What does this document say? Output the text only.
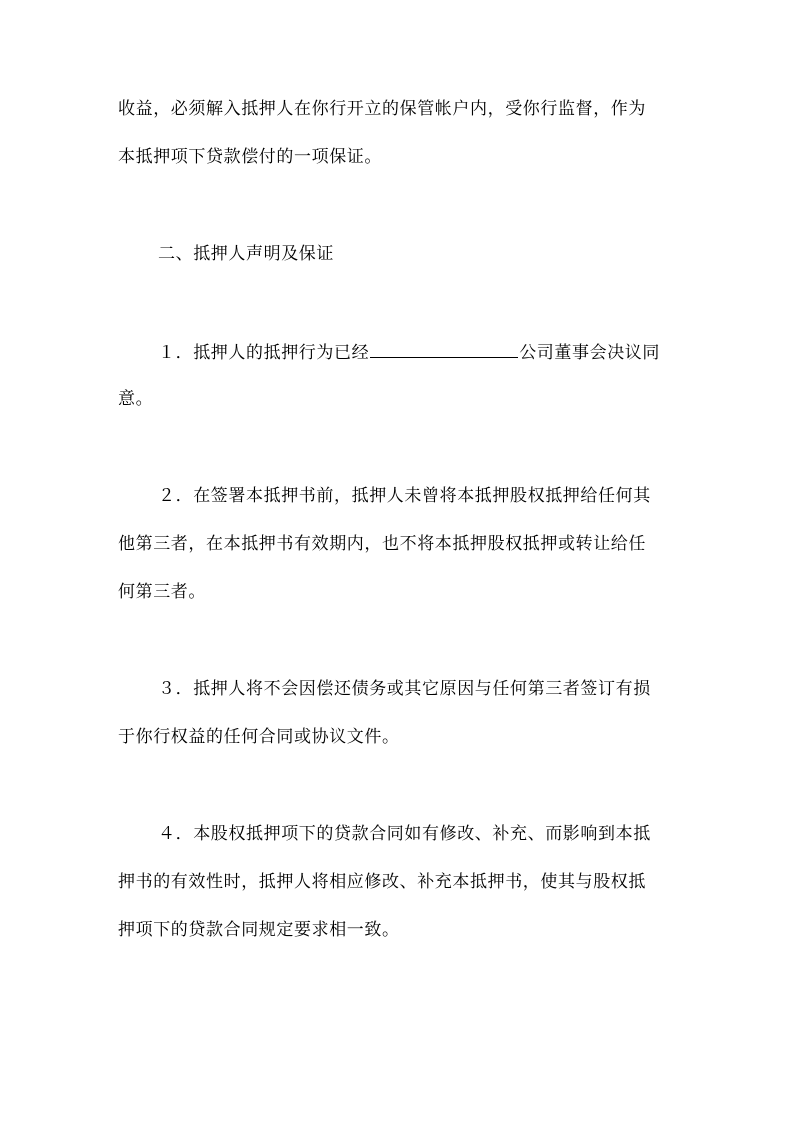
收益，必须解入抵押人在你行开立的保管帐户内，受你行监督，作为
本抵押项下贷款偿付的一项保证。
二、抵押人声明及保证
１．抵押人的抵押行为已经	公司董事会决议同
意。
２．在签署本抵押书前，抵押人未曾将本抵押股权抵押给任何其
他第三者，在本抵押书有效期内，也不将本抵押股权抵押或转让给任
何第三者。
３．抵押人将不会因偿还债务或其它原因与任何第三者签订有损
于你行权益的任何合同或协议文件。
４．本股权抵押项下的贷款合同如有修改、补充、而影响到本抵
押书的有效性时，抵押人将相应修改、补充本抵押书，使其与股权抵
押项下的贷款合同规定要求相一致。
